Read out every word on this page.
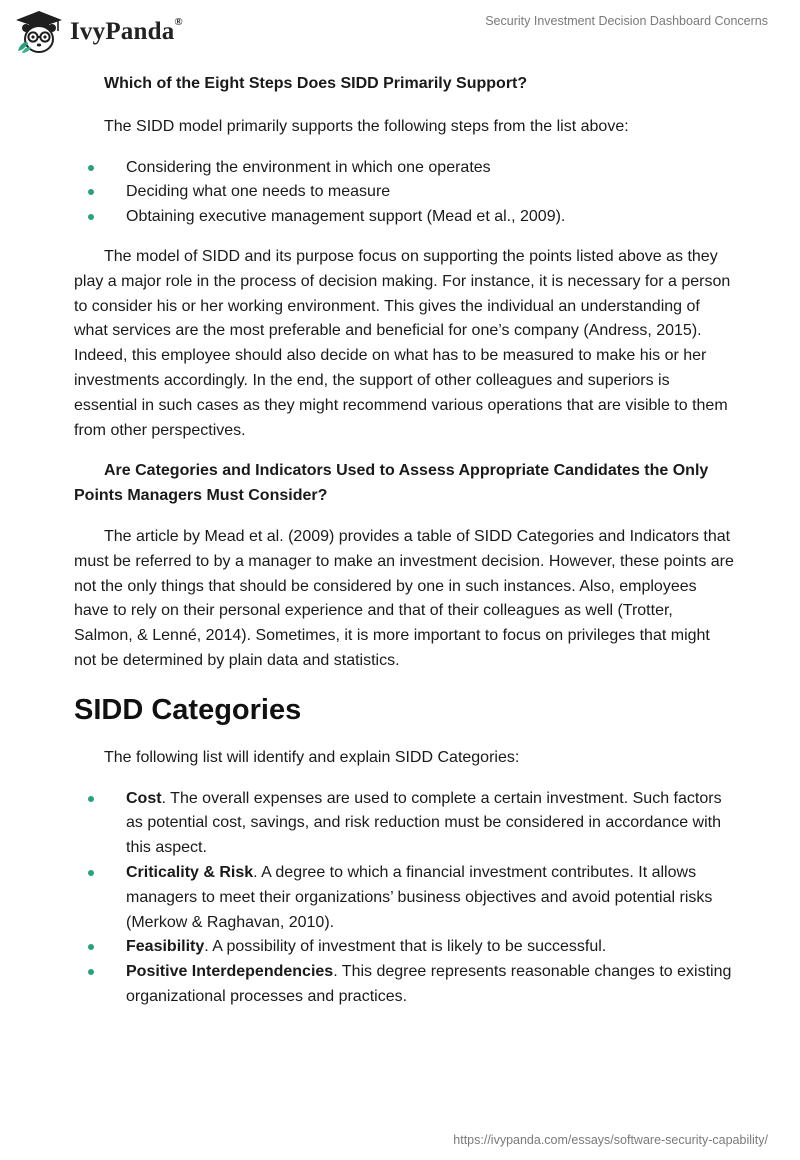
IvyPanda®	Security Investment Decision Dashboard Concerns

Which of the Eight Steps Does SIDD Primarily Support?

The SIDD model primarily supports the following steps from the list above:

Considering the environment in which one operates
Deciding what one needs to measure
Obtaining executive management support (Mead et al., 2009).

The model of SIDD and its purpose focus on supporting the points listed above as they play a major role in the process of decision making. For instance, it is necessary for a person to consider his or her working environment. This gives the individual an understanding of what services are the most preferable and beneficial for one’s company (Andress, 2015). Indeed, this employee should also decide on what has to be measured to make his or her investments accordingly. In the end, the support of other colleagues and superiors is essential in such cases as they might recommend various operations that are visible to them from other perspectives.

Are Categories and Indicators Used to Assess Appropriate Candidates the Only Points Managers Must Consider?

The article by Mead et al. (2009) provides a table of SIDD Categories and Indicators that must be referred to by a manager to make an investment decision. However, these points are not the only things that should be considered by one in such instances. Also, employees have to rely on their personal experience and that of their colleagues as well (Trotter, Salmon, & Lenné, 2014). Sometimes, it is more important to focus on privileges that might not be determined by plain data and statistics.

SIDD Categories

The following list will identify and explain SIDD Categories:

Cost. The overall expenses are used to complete a certain investment. Such factors as potential cost, savings, and risk reduction must be considered in accordance with this aspect.
Criticality & Risk. A degree to which a financial investment contributes. It allows managers to meet their organizations’ business objectives and avoid potential risks (Merkow & Raghavan, 2010).
Feasibility. A possibility of investment that is likely to be successful.
Positive Interdependencies. This degree represents reasonable changes to existing organizational processes and practices.
https://ivypanda.com/essays/software-security-capability/
